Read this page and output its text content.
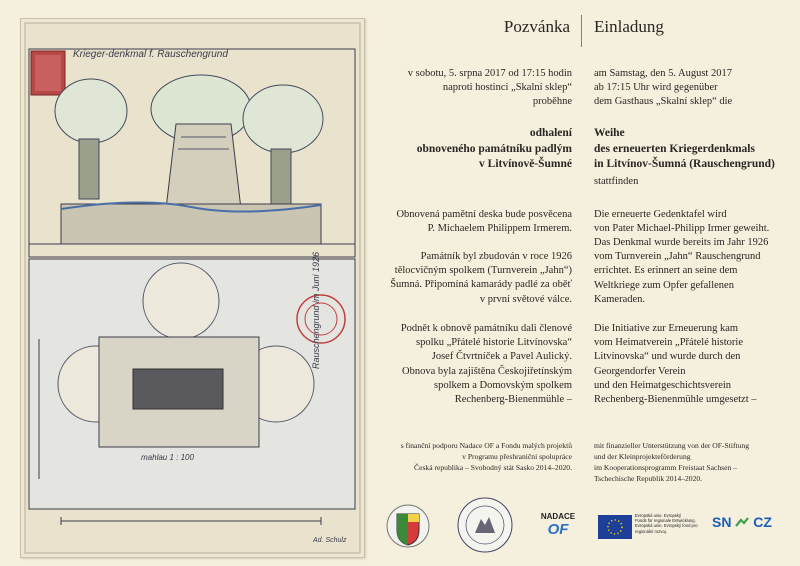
Krieger-denkmal f. Rauschengrund
Rauschengrund im Juni 1926
mahlau 1 : 100
Ad. Schulz
Pozvánka
v sobotu, 5. srpna 2017 od 17:15 hodin
naproti hostinci „Skalní sklep“
proběhne
odhalení
obnoveného památníku padlým
v Litvínově-Šumné
Obnovená pamětní deska bude posvěcena
P. Michaelem Philippem Irmerem.
Památník byl zbudován v roce 1926
tělocvičným spolkem (Turnverein „Jahn“)
Šumná. Připomíná kamarády padlé za oběť
v první světové válce.
Podnět k obnově památníku dali členové
spolku „Přátelé historie Litvínovska“
Josef Čtvrtníček a Pavel Aulický.
Obnova byla zajištěna Českojiřetínským
spolkem a Domovským spolkem
Rechenberg-Bienenmühle –
s finanční podporu Nadace OF a Fondu malých projektů
v Programu přeshraniční spolupráce
Česká republika – Svobodný stát Sasko 2014–2020.
Einladung
am Samstag, den 5. August 2017
ab 17:15 Uhr wird gegenüber
dem Gasthaus „Skalní sklep“ die
Weihe
des erneuerten Kriegerdenkmals
in Litvínov-Šumná (Rauschengrund)
stattfinden
Die erneuerte Gedenktafel wird
von Pater Michael-Philipp Irmer geweiht.
Das Denkmal wurde bereits im Jahr 1926
vom Turnverein „Jahn“ Rauschengrund
errichtet. Es erinnert an seine dem
Weltkriege zum Opfer gefallenen
Kameraden.
Die Initiative zur Erneuerung kam
vom Heimatverein „Přátelé historie
Litvínovska“ und wurde durch den
Georgendorfer Verein
und den Heimatgeschichtsverein
Rechenberg-Bienenmühle umgesetzt –
mit finanzieller Unterstützung von der OF-Stiftung
und der Kleinprojekteförderung
im Kooperationsprogramm Freistaat Sachsen –
Tschechische Republik 2014–2020.
NADACE
OF
Evropská unie. Evropský
Fonds für regionale Entwicklung.
Evropská unie. Evropský fond pro
regionální rozvoj.
SN CZ
